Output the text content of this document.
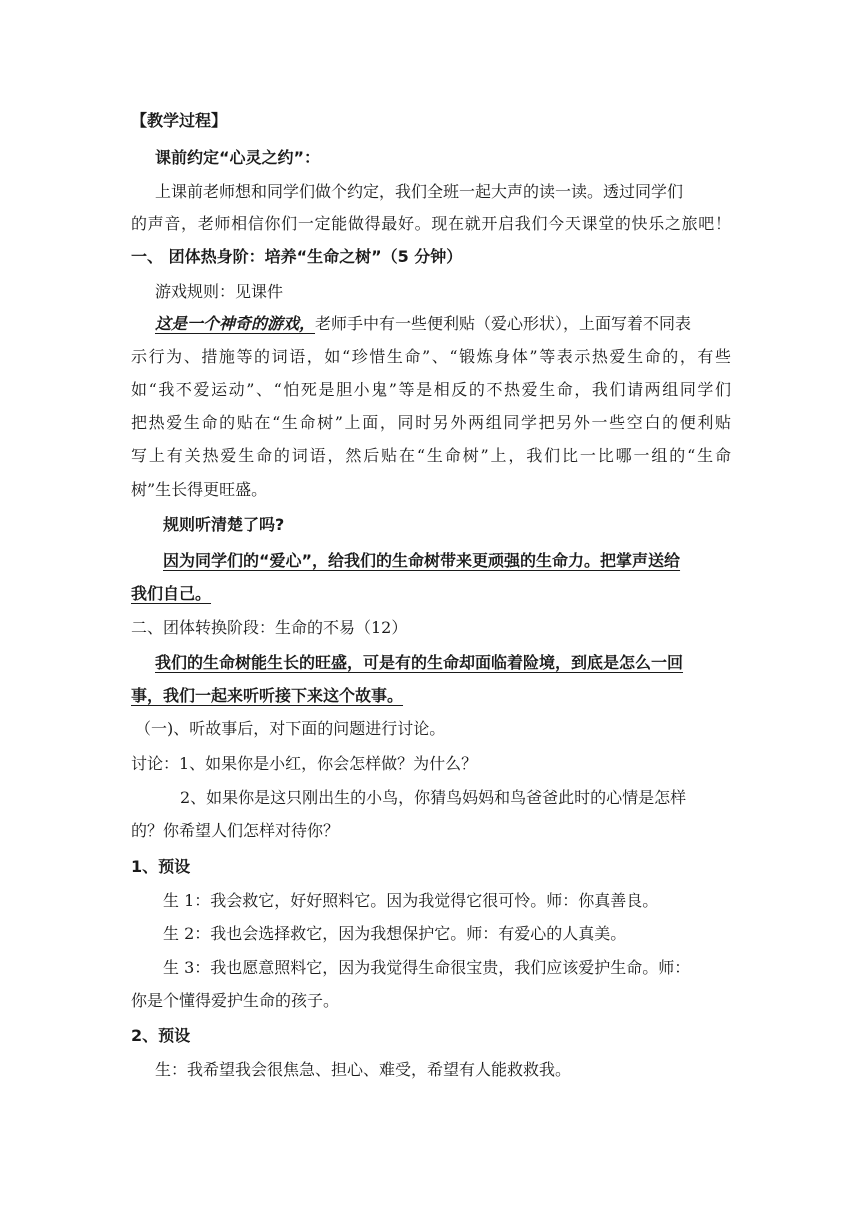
【教学过程】
课前约定“心灵之约”：
上课前老师想和同学们做个约定，我们全班一起大声的读一读。透过同学们
的声音，老师相信你们一定能做得最好。现在就开启我们今天课堂的快乐之旅吧！
一、 团体热身阶：培养“生命之树”（5 分钟）
游戏规则：见课件
这是一个神奇的游戏，老师手中有一些便利贴（爱心形状），上面写着不同表
示行为、措施等的词语，如“珍惜生命”、“锻炼身体”等表示热爱生命的，有些
如“我不爱运动”、“怕死是胆小鬼”等是相反的不热爱生命，我们请两组同学们
把热爱生命的贴在“生命树”上面，同时另外两组同学把另外一些空白的便利贴
写上有关热爱生命的词语，然后贴在“生命树”上，我们比一比哪一组的“生命
树”生长得更旺盛。
规则听清楚了吗?
因为同学们的“爱心”，给我们的生命树带来更顽强的生命力。把掌声送给
我们自己。
二、团体转换阶段：生命的不易（12）
我们的生命树能生长的旺盛，可是有的生命却面临着险境，到底是怎么一回
事，我们一起来听听接下来这个故事。
（一)、听故事后，对下面的问题进行讨论。
讨论：1、如果你是小红，你会怎样做？为什么？
2、如果你是这只刚出生的小鸟，你猜鸟妈妈和鸟爸爸此时的心情是怎样
的？你希望人们怎样对待你？
1、预设
生 1：我会救它，好好照料它。因为我觉得它很可怜。师：你真善良。
生 2：我也会选择救它，因为我想保护它。师：有爱心的人真美。
生 3：我也愿意照料它，因为我觉得生命很宝贵，我们应该爱护生命。师：
你是个懂得爱护生命的孩子。
2、预设
生：我希望我会很焦急、担心、难受，希望有人能救救我。
